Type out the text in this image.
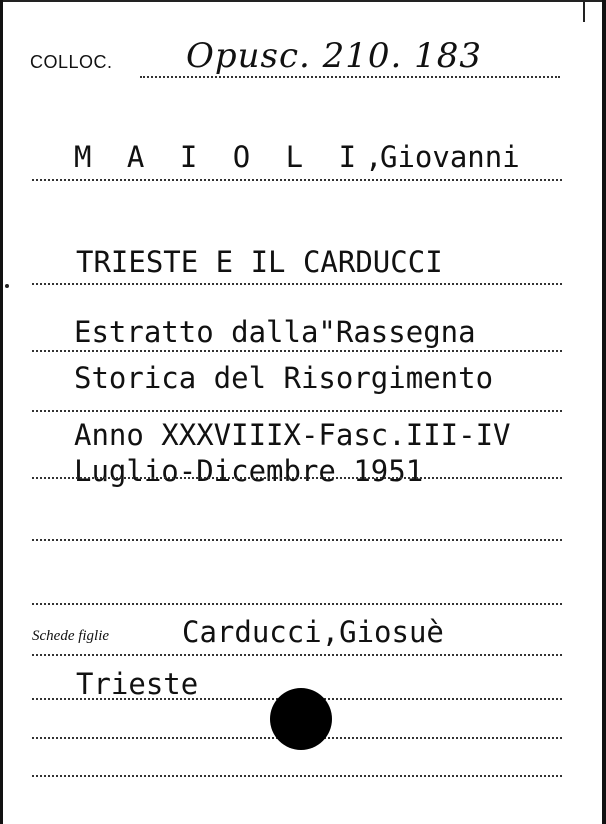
COLLOC. Opusc. 210. 183
M A I O L I,
Giovanni
TRIESTE E IL CARDUCCI
Estratto dalla"Rassegna
Storica del Risorgimento
Anno XXXVIIIX-Fasc.III-IV
Luglio-Dicembre 1951
Schede figlie	Carducci,Giosuè
Trieste
